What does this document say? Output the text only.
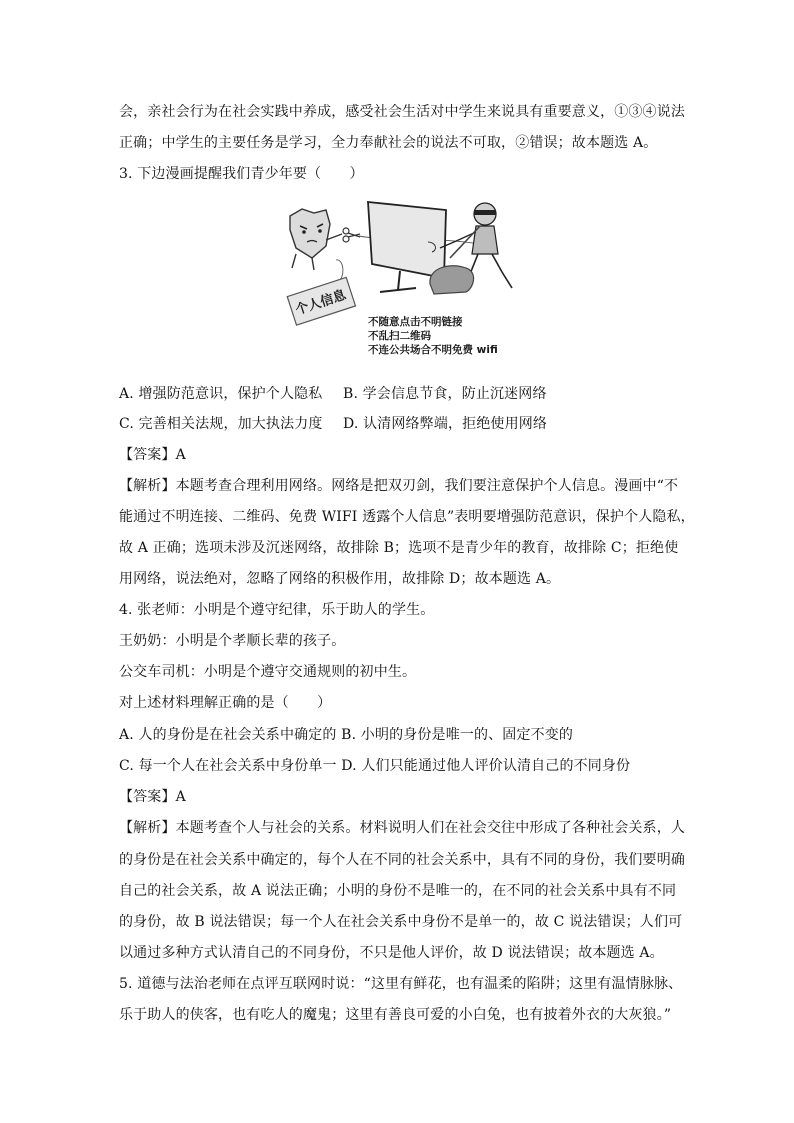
会，亲社会行为在社会实践中养成，感受社会生活对中学生来说具有重要意义，①③④说法
正确；中学生的主要任务是学习，全力奉献社会的说法不可取，②错误；故本题选 A。
3. 下边漫画提醒我们青少年要（　　）
个人信息
不随意点击不明链接
不乱扫二维码
不连公共场合不明免费 wifi
A. 增强防范意识，保护个人隐私 B. 学会信息节食，防止沉迷网络
C. 完善相关法规，加大执法力度 D. 认清网络弊端，拒绝使用网络
【答案】A
【解析】本题考查合理利用网络。网络是把双刃剑，我们要注意保护个人信息。漫画中“不
能通过不明连接、二维码、免费 WIFI 透露个人信息”表明要增强防范意识，保护个人隐私，
故 A 正确；选项未涉及沉迷网络，故排除 B；选项不是青少年的教育，故排除 C；拒绝使
用网络，说法绝对，忽略了网络的积极作用，故排除 D；故本题选 A。
4. 张老师：小明是个遵守纪律，乐于助人的学生。
王奶奶：小明是个孝顺长辈的孩子。
公交车司机：小明是个遵守交通规则的初中生。
对上述材料理解正确的是（　　）
A. 人的身份是在社会关系中确定的 B. 小明的身份是唯一的、固定不变的
C. 每一个人在社会关系中身份单一 D. 人们只能通过他人评价认清自己的不同身份
【答案】A
【解析】本题考查个人与社会的关系。材料说明人们在社会交往中形成了各种社会关系，人
的身份是在社会关系中确定的，每个人在不同的社会关系中，具有不同的身份，我们要明确
自己的社会关系，故 A 说法正确；小明的身份不是唯一的，在不同的社会关系中具有不同
的身份，故 B 说法错误；每一个人在社会关系中身份不是单一的，故 C 说法错误；人们可
以通过多种方式认清自己的不同身份，不只是他人评价，故 D 说法错误；故本题选 A。
5. 道德与法治老师在点评互联网时说：“这里有鲜花，也有温柔的陷阱；这里有温情脉脉、
乐于助人的侠客，也有吃人的魔鬼；这里有善良可爱的小白兔，也有披着外衣的大灰狼。”
